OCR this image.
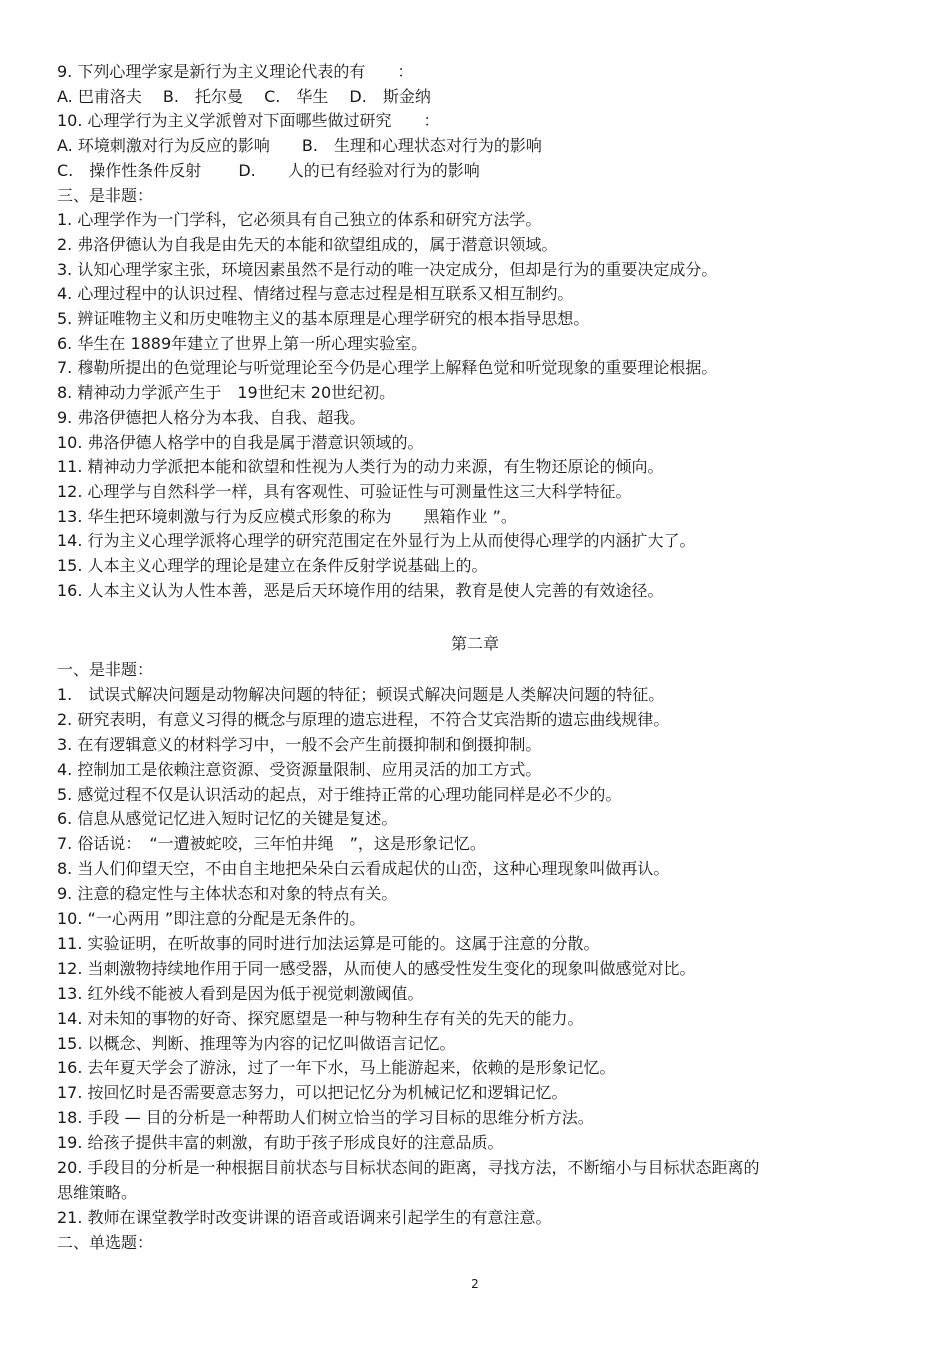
9. 下列心理学家是新行为主义理论代表的有　　：
A. 巴甫洛夫　 B.　托尔曼　 C.　华生　 D.　斯金纳
10. 心理学行为主义学派曾对下面哪些做过研究　　：
A. 环境刺激对行为反应的影响　　B.　生理和心理状态对行为的影响
C.　操作性条件反射　　 D.　　人的已有经验对行为的影响
三、是非题：
1. 心理学作为一门学科，它必须具有自己独立的体系和研究方法学。
2. 弗洛伊德认为自我是由先天的本能和欲望组成的，属于潜意识领域。
3. 认知心理学家主张，环境因素虽然不是行动的唯一决定成分，但却是行为的重要决定成分。
4. 心理过程中的认识过程、情绪过程与意志过程是相互联系又相互制约。
5. 辨证唯物主义和历史唯物主义的基本原理是心理学研究的根本指导思想。
6. 华生在 1889年建立了世界上第一所心理实验室。
7. 穆勒所提出的色觉理论与听觉理论至今仍是心理学上解释色觉和听觉现象的重要理论根据。
8. 精神动力学派产生于　19世纪末 20世纪初。
9. 弗洛伊德把人格分为本我、自我、超我。
10. 弗洛伊德人格学中的自我是属于潜意识领域的。
11. 精神动力学派把本能和欲望和性视为人类行为的动力来源，有生物还原论的倾向。
12. 心理学与自然科学一样，具有客观性、可验证性与可测量性这三大科学特征。
13. 华生把环境刺激与行为反应模式形象的称为　　黑箱作业 ”。
14. 行为主义心理学派将心理学的研究范围定在外显行为上从而使得心理学的内涵扩大了。
15. 人本主义心理学的理论是建立在条件反射学说基础上的。
16. 人本主义认为人性本善，恶是后天环境作用的结果，教育是使人完善的有效途径。
第二章
一、是非题：
1.　试误式解决问题是动物解决问题的特征；顿误式解决问题是人类解决问题的特征。
2. 研究表明，有意义习得的概念与原理的遗忘进程，不符合艾宾浩斯的遗忘曲线规律。
3. 在有逻辑意义的材料学习中，一般不会产生前摄抑制和倒摄抑制。
4. 控制加工是依赖注意资源、受资源量限制、应用灵活的加工方式。
5. 感觉过程不仅是认识活动的起点，对于维持正常的心理功能同样是必不少的。
6. 信息从感觉记忆进入短时记忆的关键是复述。
7. 俗话说：　“一遭被蛇咬，三年怕井绳　”，这是形象记忆。
8. 当人们仰望天空，不由自主地把朵朵白云看成起伏的山峦，这种心理现象叫做再认。
9. 注意的稳定性与主体状态和对象的特点有关。
10. “一心两用 ”即注意的分配是无条件的。
11. 实验证明，在听故事的同时进行加法运算是可能的。这属于注意的分散。
12. 当刺激物持续地作用于同一感受器，从而使人的感受性发生变化的现象叫做感觉对比。
13. 红外线不能被人看到是因为低于视觉刺激阈值。
14. 对未知的事物的好奇、探究愿望是一种与物种生存有关的先天的能力。
15. 以概念、判断、推理等为内容的记忆叫做语言记忆。
16. 去年夏天学会了游泳，过了一年下水，马上能游起来，依赖的是形象记忆。
17. 按回忆时是否需要意志努力，可以把记忆分为机械记忆和逻辑记忆。
18. 手段 — 目的分析是一种帮助人们树立恰当的学习目标的思维分析方法。
19. 给孩子提供丰富的刺激，有助于孩子形成良好的注意品质。
20. 手段目的分析是一种根据目前状态与目标状态间的距离，寻找方法，不断缩小与目标状态距离的
思维策略。
21. 教师在课堂教学时改变讲课的语音或语调来引起学生的有意注意。
二、单选题：
2
